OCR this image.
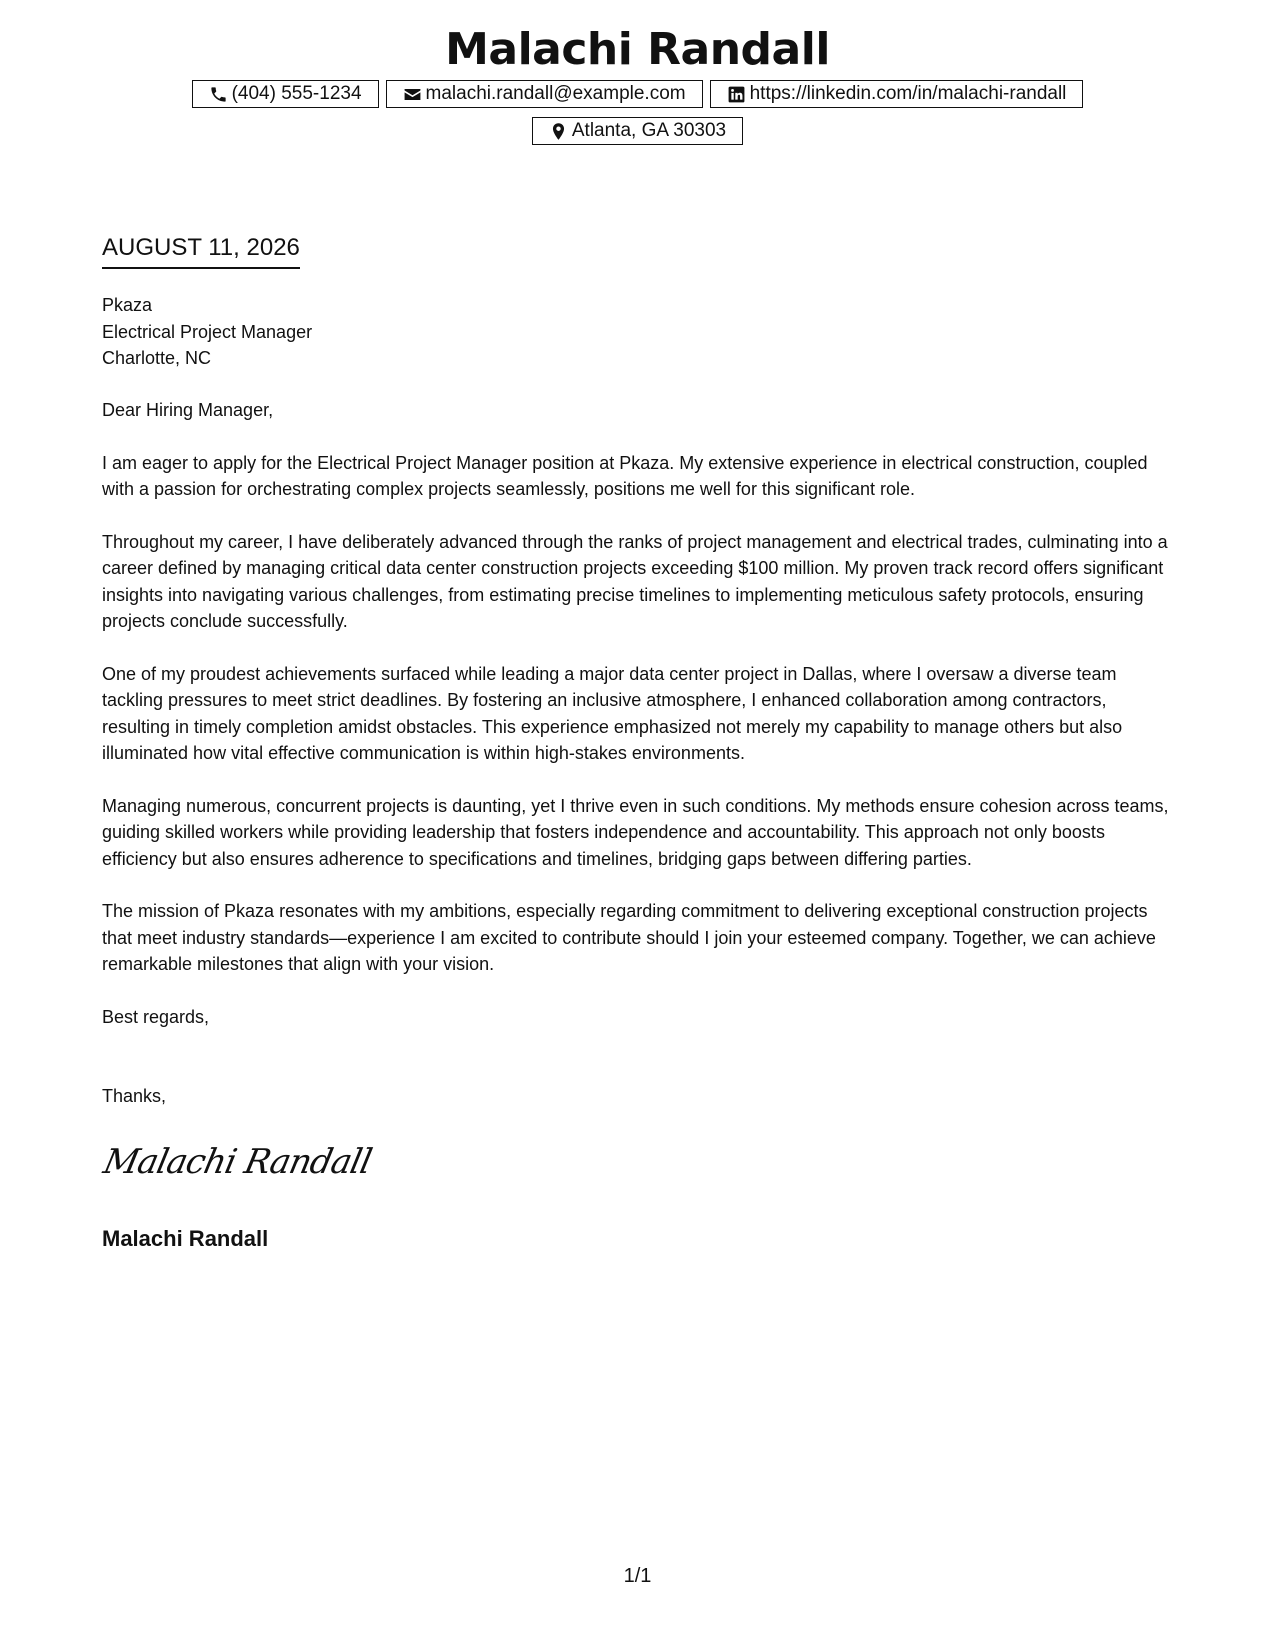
Malachi Randall
(404) 555-1234	malachi.randall@example.com	https://linkedin.com/in/malachi-randall
Atlanta, GA 30303
AUGUST 11, 2026
Pkaza
Electrical Project Manager
Charlotte, NC

Dear Hiring Manager,

I am eager to apply for the Electrical Project Manager position at Pkaza. My extensive experience in electrical construction, coupled with a passion for orchestrating complex projects seamlessly, positions me well for this significant role.

Throughout my career, I have deliberately advanced through the ranks of project management and electrical trades, culminating into a career defined by managing critical data center construction projects exceeding $100 million. My proven track record offers significant insights into navigating various challenges, from estimating precise timelines to implementing meticulous safety protocols, ensuring projects conclude successfully.

One of my proudest achievements surfaced while leading a major data center project in Dallas, where I oversaw a diverse team tackling pressures to meet strict deadlines. By fostering an inclusive atmosphere, I enhanced collaboration among contractors, resulting in timely completion amidst obstacles. This experience emphasized not merely my capability to manage others but also illuminated how vital effective communication is within high-stakes environments.

Managing numerous, concurrent projects is daunting, yet I thrive even in such conditions. My methods ensure cohesion across teams, guiding skilled workers while providing leadership that fosters independence and accountability. This approach not only boosts efficiency but also ensures adherence to specifications and timelines, bridging gaps between differing parties.

The mission of Pkaza resonates with my ambitions, especially regarding commitment to delivering exceptional construction projects that meet industry standards—experience I am excited to contribute should I join your esteemed company. Together, we can achieve remarkable milestones that align with your vision.

Best regards,

Thanks,
Malachi Randall
Malachi Randall
1/1
